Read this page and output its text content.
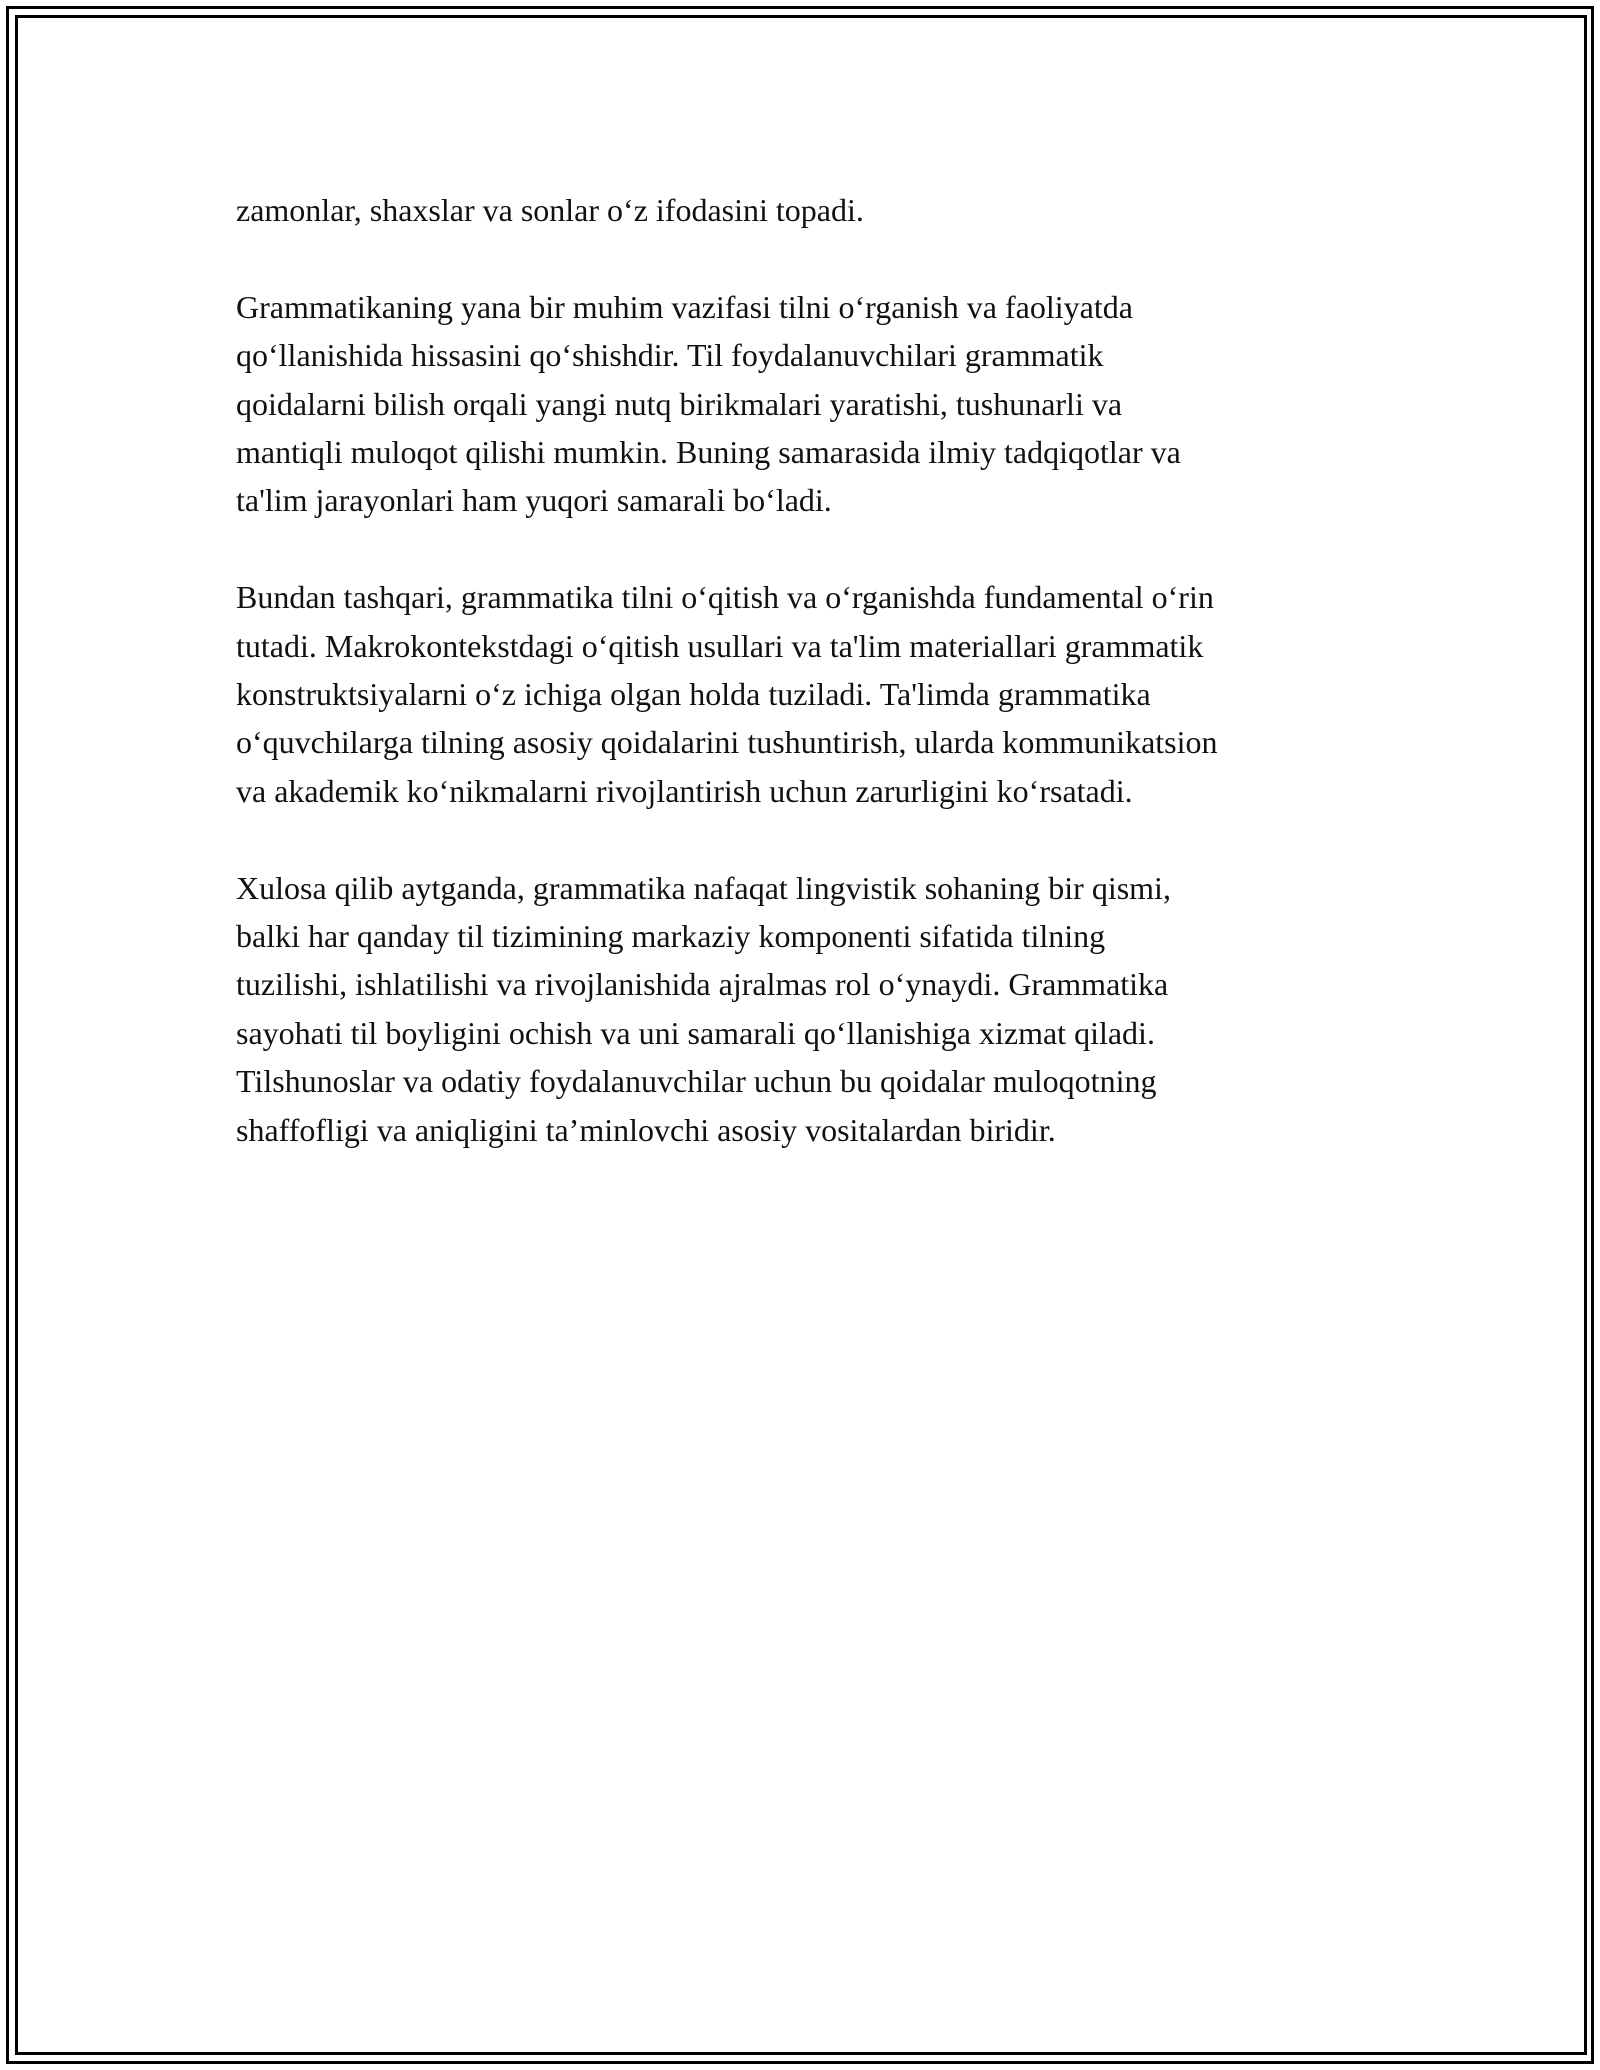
zamonlar, shaxslar va sonlar o‘z ifodasini topadi.

Grammatikaning yana bir muhim vazifasi tilni o‘rganish va faoliyatda
qo‘llanishida hissasini qo‘shishdir. Til foydalanuvchilari grammatik
qoidalarni bilish orqali yangi nutq birikmalari yaratishi, tushunarli va
mantiqli muloqot qilishi mumkin. Buning samarasida ilmiy tadqiqotlar va
ta'lim jarayonlari ham yuqori samarali bo‘ladi.

Bundan tashqari, grammatika tilni o‘qitish va o‘rganishda fundamental o‘rin
tutadi. Makrokontekstdagi o‘qitish usullari va ta'lim materiallari grammatik
konstruktsiyalarni o‘z ichiga olgan holda tuziladi. Ta'limda grammatika
o‘quvchilarga tilning asosiy qoidalarini tushuntirish, ularda kommunikatsion
va akademik ko‘nikmalarni rivojlantirish uchun zarurligini ko‘rsatadi.

Xulosa qilib aytganda, grammatika nafaqat lingvistik sohaning bir qismi,
balki har qanday til tizimining markaziy komponenti sifatida tilning
tuzilishi, ishlatilishi va rivojlanishida ajralmas rol o‘ynaydi. Grammatika
sayohati til boyligini ochish va uni samarali qo‘llanishiga xizmat qiladi.
Tilshunoslar va odatiy foydalanuvchilar uchun bu qoidalar muloqotning
shaffofligi va aniqligini ta’minlovchi asosiy vositalardan biridir.
